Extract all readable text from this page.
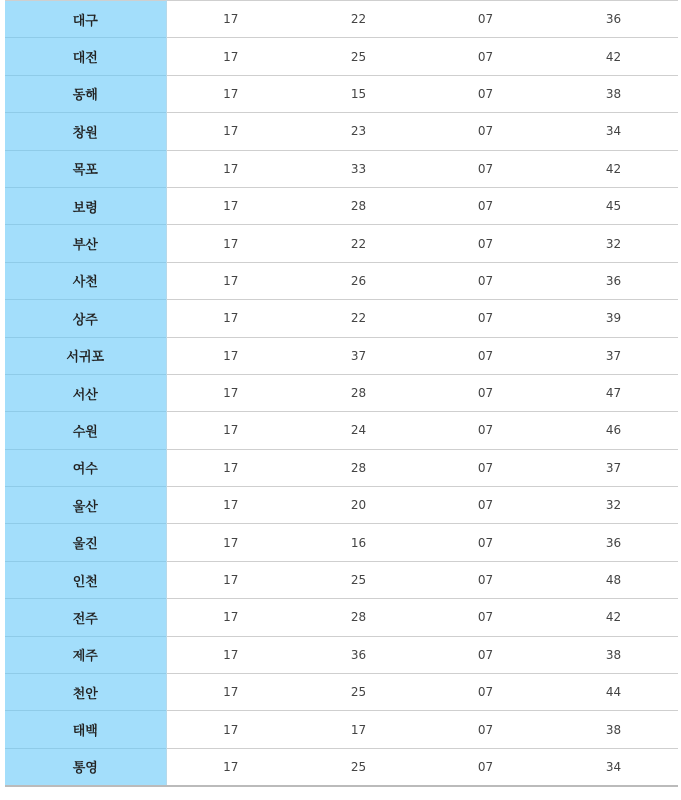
대구	17	22	07	36
대전	17	25	07	42
동해	17	15	07	38
창원	17	23	07	34
목포	17	33	07	42
보령	17	28	07	45
부산	17	22	07	32
사천	17	26	07	36
상주	17	22	07	39
서귀포	17	37	07	37
서산	17	28	07	47
수원	17	24	07	46
여수	17	28	07	37
울산	17	20	07	32
울진	17	16	07	36
인천	17	25	07	48
전주	17	28	07	42
제주	17	36	07	38
천안	17	25	07	44
태백	17	17	07	38
통영	17	25	07	34
